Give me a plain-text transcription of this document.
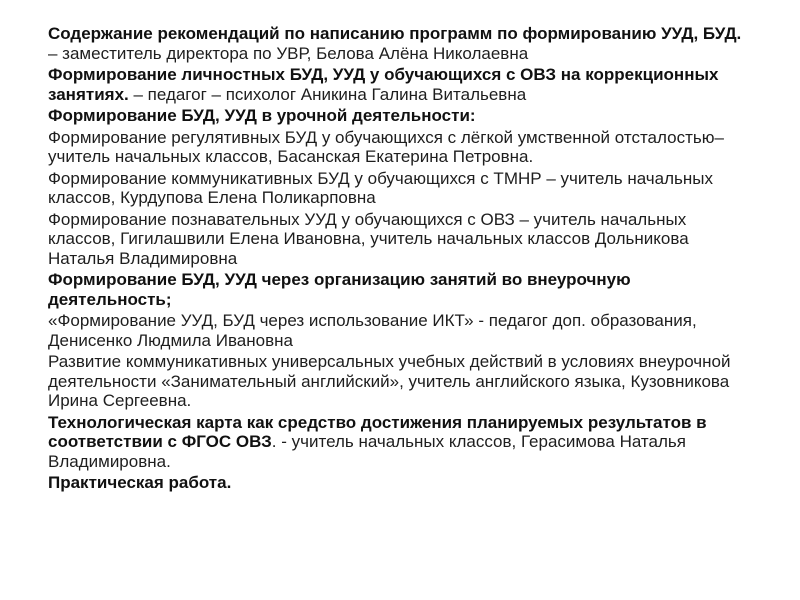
Содержание рекомендаций по написанию программ по формированию УУД, БУД. – заместитель директора по УВР, Белова Алёна Николаевна

Формирование личностных БУД, УУД у обучающихся с ОВЗ на коррекционных занятиях. – педагог – психолог Аникина Галина Витальевна

Формирование БУД, УУД в урочной деятельности:

Формирование регулятивных БУД у обучающихся с лёгкой умственной отсталостью– учитель начальных классов, Басанская Екатерина Петровна.

Формирование коммуникативных БУД у обучающихся с ТМНР – учитель начальных классов, Курдупова Елена Поликарповна

Формирование познавательных УУД у обучающихся с ОВЗ – учитель начальных классов, Гигилашвили Елена Ивановна, учитель начальных классов Дольникова Наталья Владимировна

Формирование БУД, УУД через организацию занятий во внеурочную деятельность;

«Формирование УУД, БУД через использование ИКТ» - педагог доп. образования, Денисенко Людмила Ивановна

Развитие коммуникативных универсальных учебных действий в условиях внеурочной деятельности «Занимательный английский», учитель английского языка, Кузовникова Ирина Сергеевна.

Технологическая карта как средство достижения планируемых результатов в соответствии с ФГОС ОВЗ. - учитель начальных классов, Герасимова Наталья Владимировна.

Практическая работа.
